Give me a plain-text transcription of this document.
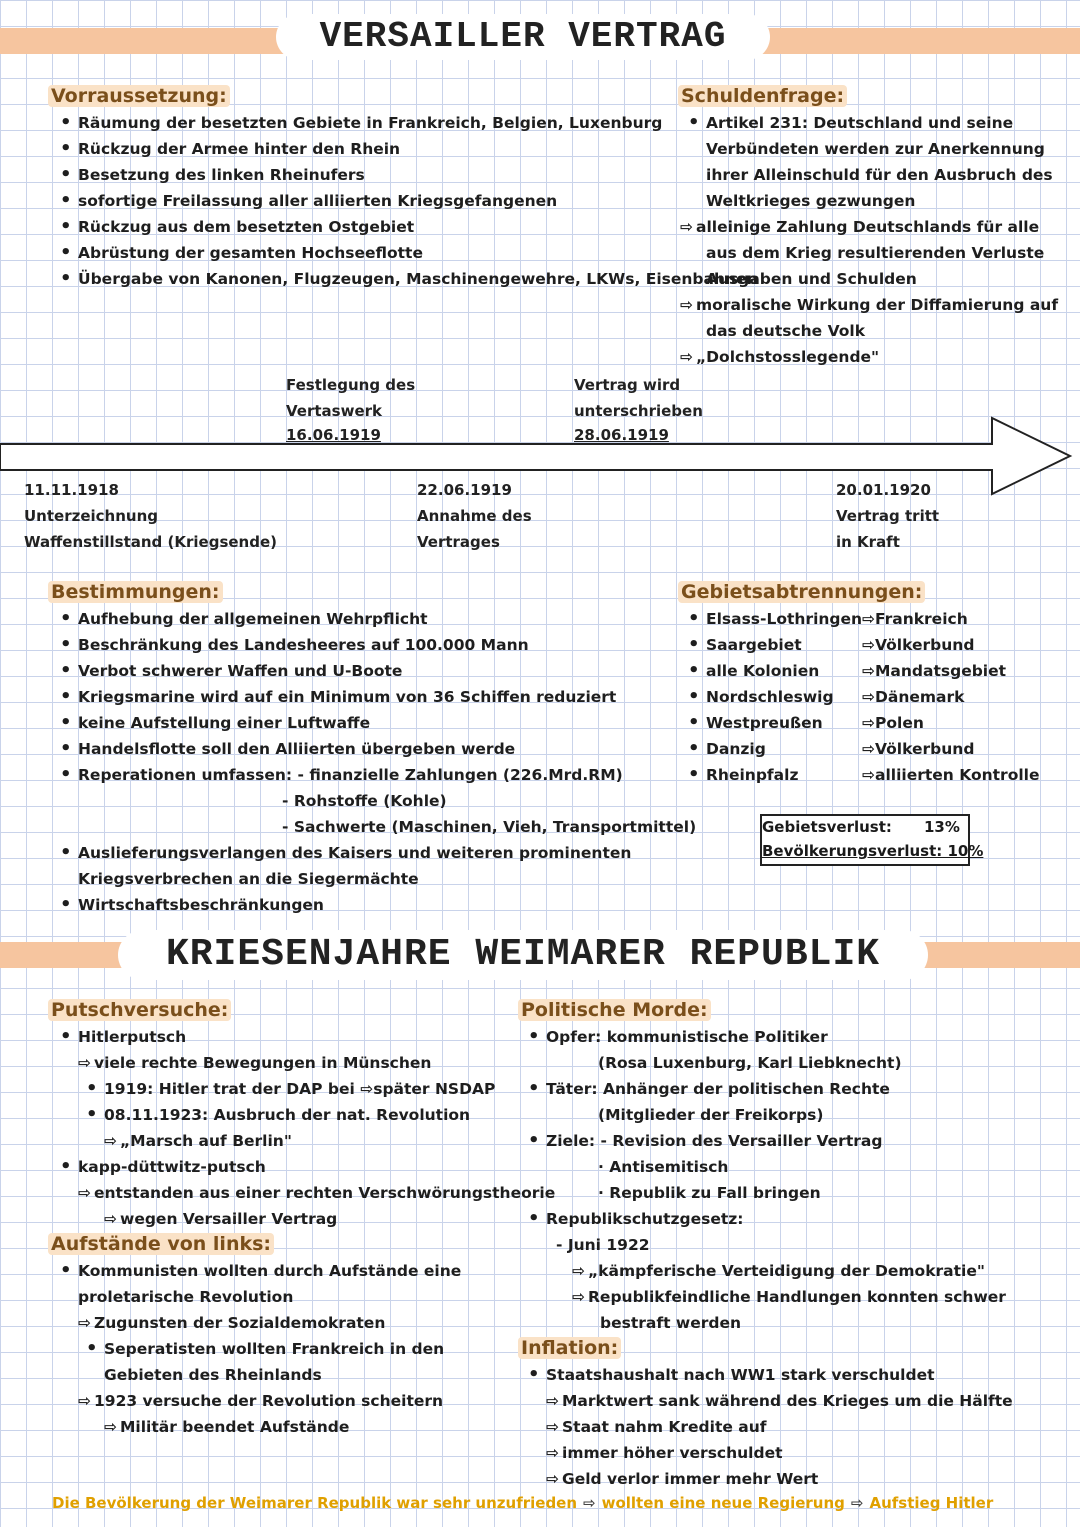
VERSAILLER VERTRAG
Vorraussetzung:
• Räumung der besetzten Gebiete in Frankreich, Belgien, Luxenburg
• Rückzug der Armee hinter den Rhein
• Besetzung des linken Rheinufers
• sofortige Freilassung aller alliierten Kriegsgefangenen
• Rückzug aus dem besetzten Ostgebiet
• Abrüstung der gesamten Hochseeflotte
• Übergabe von Kanonen, Flugzeugen, Maschinengewehre, LKWs, Eisenbahnen
Schuldenfrage:
• Artikel 231: Deutschland und seine
Verbündeten werden zur Anerkennung
ihrer Alleinschuld für den Ausbruch des
Weltkrieges gezwungen
⇨ alleinige Zahlung Deutschlands für alle
aus dem Krieg resultierenden Verluste
Ausgaben und Schulden
⇨ moralische Wirkung der Diffamierung auf
das deutsche Volk
⇨ „Dolchstosslegende"
Festlegung des
Vertaswerk
16.06.1919
Vertrag wird
unterschrieben
28.06.1919
11.11.1918
Unterzeichnung
Waffenstillstand (Kriegsende)
22.06.1919
Annahme des
Vertrages
20.01.1920
Vertrag tritt
in Kraft
Bestimmungen:
• Aufhebung der allgemeinen Wehrpflicht
• Beschränkung des Landesheeres auf 100.000 Mann
• Verbot schwerer Waffen und U-Boote
• Kriegsmarine wird auf ein Minimum von 36 Schiffen reduziert
• keine Aufstellung einer Luftwaffe
• Handelsflotte soll den Alliierten übergeben werde
• Reperationen umfassen: - finanzielle Zahlungen (226.Mrd.RM)
- Rohstoffe (Kohle)
- Sachwerte (Maschinen, Vieh, Transportmittel)
• Auslieferungsverlangen des Kaisers und weiteren prominenten
Kriegsverbrechen an die Siegermächte
• Wirtschaftsbeschränkungen
Gebietsabtrennungen:
• Elsass-Lothringen ⇨Frankreich
• Saargebiet	⇨Völkerbund
• alle Kolonien	⇨Mandatsgebiet
• Nordschleswig ⇨Dänemark
• Westpreußen	⇨Polen
• Danzig	⇨Völkerbund
• Rheinpfalz	⇨alliierten Kontrolle
Gebietsverlust: 13%
Bevölkerungsverlust: 10%
KRIESENJAHRE WEIMARER REPUBLIK
Putschversuche:
• Hitlerputsch
⇨ viele rechte Bewegungen in Münschen
• 1919: Hitler trat der DAP bei ⇨später NSDAP
• 08.11.1923: Ausbruch der nat. Revolution
⇨ „Marsch auf Berlin"
• kapp-düttwitz-putsch
⇨ entstanden aus einer rechten Verschwörungstheorie
⇨ wegen Versailler Vertrag
Aufstände von links:
• Kommunisten wollten durch Aufstände eine
proletarische Revolution
⇨ Zugunsten der Sozialdemokraten
• Seperatisten wollten Frankreich in den
Gebieten des Rheinlands
⇨ 1923 versuche der Revolution scheitern
⇨ Militär beendet Aufstände
Politische Morde:
• Opfer: kommunistische Politiker
(Rosa Luxenburg, Karl Liebknecht)
• Täter: Anhänger der politischen Rechte
(Mitglieder der Freikorps)
• Ziele: - Revision des Versailler Vertrag
· Antisemitisch
· Republik zu Fall bringen
• Republikschutzgesetz:
- Juni 1922
⇨ „kämpferische Verteidigung der Demokratie"
⇨ Republikfeindliche Handlungen konnten schwer
bestraft werden
Inflation:
• Staatshaushalt nach WW1 stark verschuldet
⇨ Marktwert sank während des Krieges um die Hälfte
⇨ Staat nahm Kredite auf
⇨ immer höher verschuldet
⇨ Geld verlor immer mehr Wert
Die Bevölkerung der Weimarer Republik war sehr unzufrieden ⇨ wollten eine neue Regierung ⇨ Aufstieg Hitler
